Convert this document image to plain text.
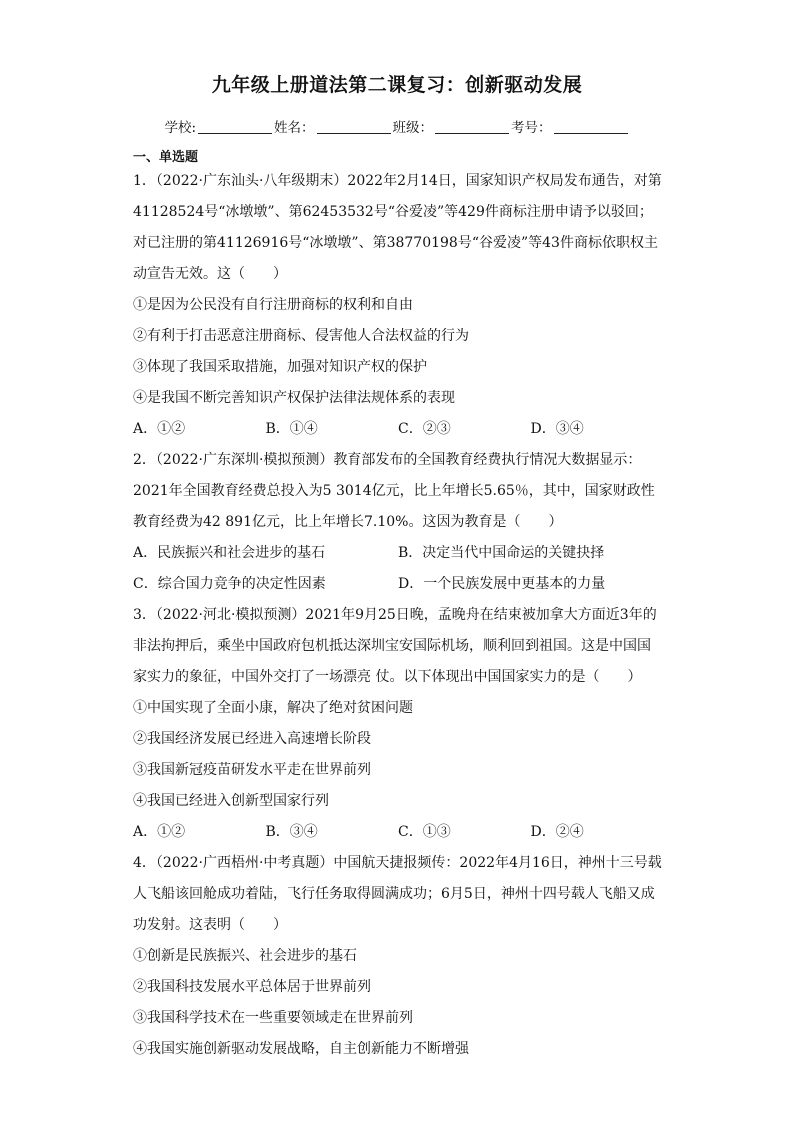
九年级上册道法第二课复习：创新驱动发展
学校:	姓名：	班级：	考号：
一、单选题
1．（2022·广东汕头·八年级期末）2022年2月14日，国家知识产权局发布通告，对第41128524号“冰墩墩”、第62453532号“谷爱凌”等429件商标注册申请予以驳回；对已注册的第41126916号“冰墩墩”、第38770198号“谷爱凌”等43件商标依职权主动宣告无效。这（　　）
①是因为公民没有自行注册商标的权利和自由
②有利于打击恶意注册商标、侵害他人合法权益的行为
③体现了我国采取措施，加强对知识产权的保护
④是我国不断完善知识产权保护法律法规体系的表现
A．①②	B．①④	C．②③	D．③④
2．（2022·广东深圳·模拟预测）教育部发布的全国教育经费执行情况大数据显示：2021年全国教育经费总投入为5 3014亿元，比上年增长5.65％，其中，国家财政性教育经费为42 891亿元，比上年增长7.10%。这因为教育是（　　）
A．民族振兴和社会进步的基石	B．决定当代中国命运的关键抉择
C．综合国力竞争的决定性因素	D．一个民族发展中更基本的力量
3．（2022·河北·模拟预测）2021年9月25日晚，孟晚舟在结束被加拿大方面近3年的非法拘押后，乘坐中国政府包机抵达深圳宝安国际机场，顺利回到祖国。这是中国国家实力的象征，中国外交打了一场漂亮 仗。以下体现出中国国家实力的是（　　）
①中国实现了全面小康，解决了绝对贫困问题
②我国经济发展已经进入高速增长阶段
③我国新冠疫苗研发水平走在世界前列
④我国已经进入创新型国家行列
A．①②	B．③④	C．①③	D．②④
4．（2022·广西梧州·中考真题）中国航天捷报频传：2022年4月16日，神州十三号载人飞船该回舱成功着陆，飞行任务取得圆满成功；6月5日，神州十四号载人飞船又成功发射。这表明（　　）
①创新是民族振兴、社会进步的基石
②我国科技发展水平总体居于世界前列
③我国科学技术在一些重要领域走在世界前列
④我国实施创新驱动发展战略，自主创新能力不断增强
